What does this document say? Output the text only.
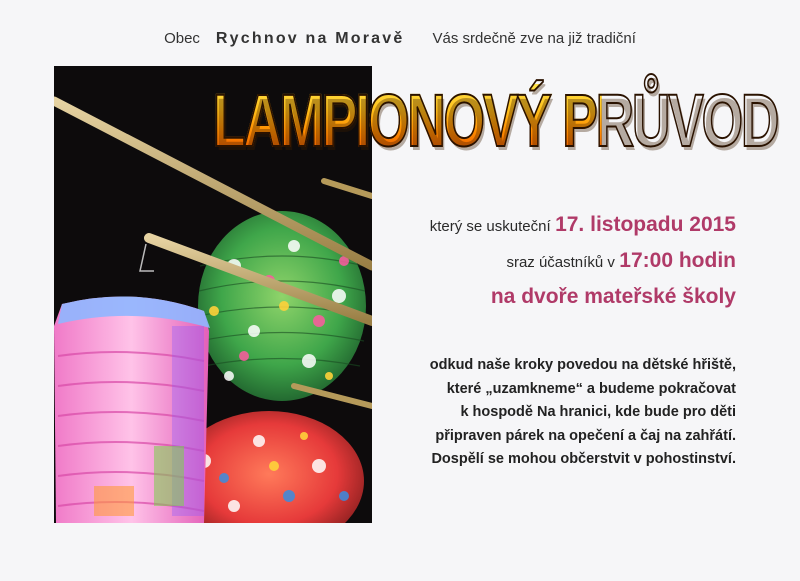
Obec Rychnov na Moravě Vás srdečně zve na již tradiční
LAMPIONOVÝ PRŮVOD
který se uskuteční 17. listopadu 2015
sraz účastníků v 17:00 hodin
na dvoře mateřské školy
odkud naše kroky povedou na dětské hřiště,
které „uzamkneme“ a budeme pokračovat
k hospodě Na hranici, kde bude pro děti
připraven párek na opečení a čaj na zahřátí.
Dospělí se mohou občerstvit v pohostinství.
